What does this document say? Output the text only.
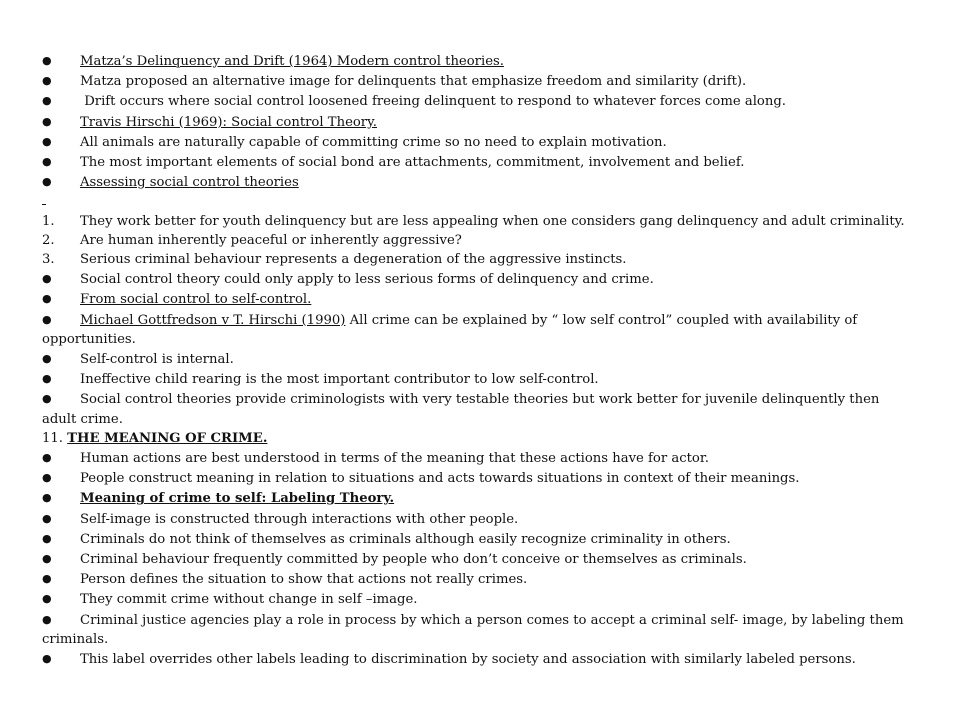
● Matza’s Delinquency and Drift (1964) Modern control theories.
● Matza proposed an alternative image for delinquents that emphasize freedom and similarity (drift).
● Drift occurs where social control loosened freeing delinquent to respond to whatever forces come along.
● Travis Hirschi (1969): Social control Theory.
● All animals are naturally capable of committing crime so no need to explain motivation.
● The most important elements of social bond are attachments, commitment, involvement and belief.
● Assessing social control theories
1. They work better for youth delinquency but are less appealing when one considers gang delinquency and adult criminality.
2. Are human inherently peaceful or inherently aggressive?
3. Serious criminal behaviour represents a degeneration of the aggressive instincts.
● Social control theory could only apply to less serious forms of delinquency and crime.
● From social control to self-control.
● Michael Gottfredson v T. Hirschi (1990) All crime can be explained by “ low self control” coupled with availability of opportunities.
● Self-control is internal.
● Ineffective child rearing is the most important contributor to low self-control.
● Social control theories provide criminologists with very testable theories but work better for juvenile delinquently then adult crime.
11. THE MEANING OF CRIME.
● Human actions are best understood in terms of the meaning that these actions have for actor.
● People construct meaning in relation to situations and acts towards situations in context of their meanings.
● Meaning of crime to self: Labeling Theory.
● Self-image is constructed through interactions with other people.
● Criminals do not think of themselves as criminals although easily recognize criminality in others.
● Criminal behaviour frequently committed by people who don’t conceive or themselves as criminals.
● Person defines the situation to show that actions not really crimes.
● They commit crime without change in self –image.
● Criminal justice agencies play a role in process by which a person comes to accept a criminal self- image, by labeling them criminals.
● This label overrides other labels leading to discrimination by society and association with similarly labeled persons.
